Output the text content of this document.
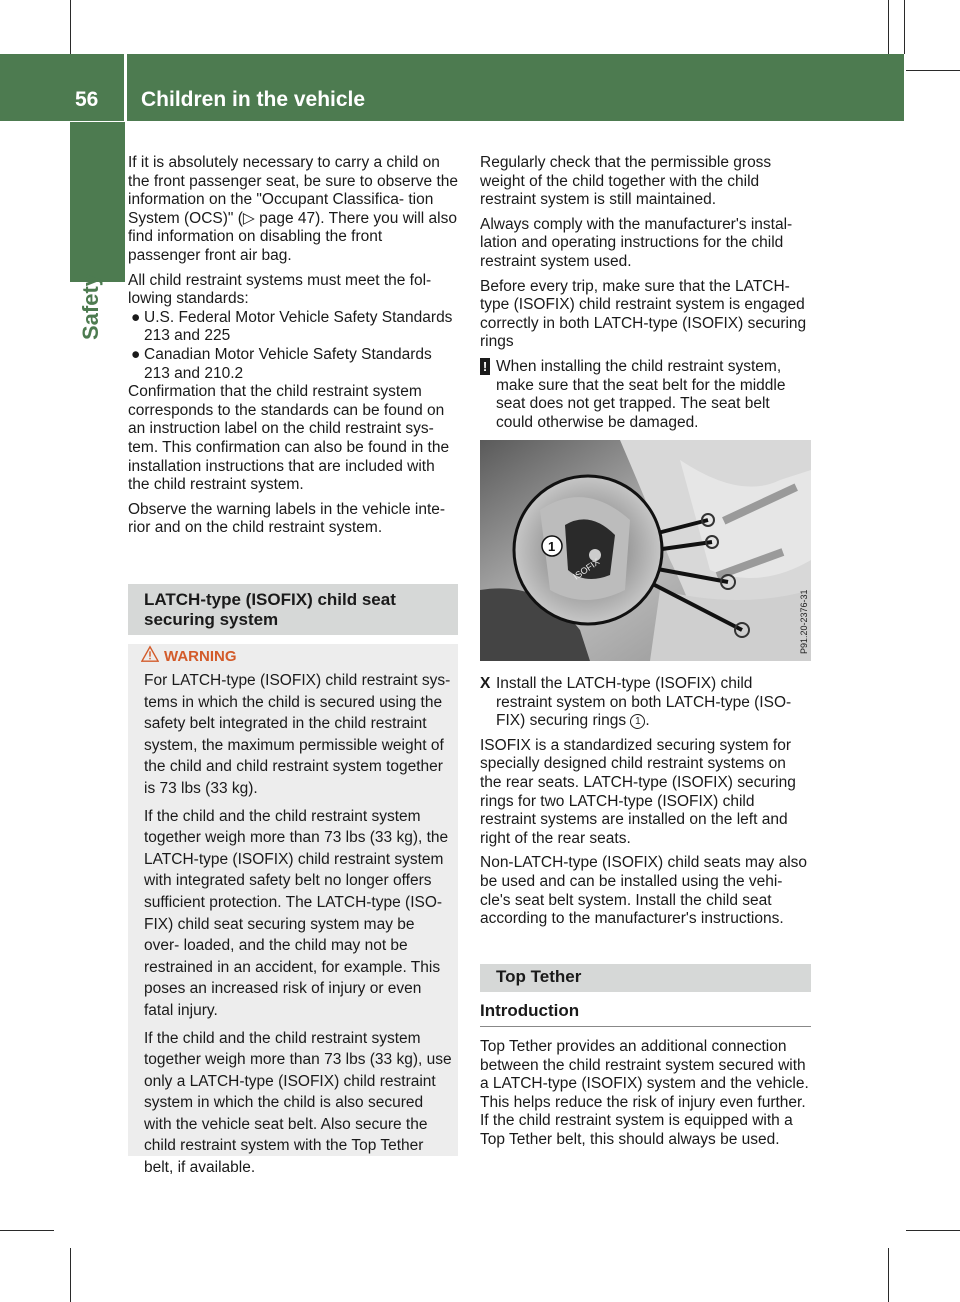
56 Children in the vehicle
Safety

If it is absolutely necessary to carry a child on the front passenger seat, be sure to observe the information on the "Occupant Classifica- tion System (OCS)" (▷ page 47). There you will also find information on disabling the front passenger front air bag.

All child restraint systems must meet the fol- lowing standards:

● U.S. Federal Motor Vehicle Safety Standards 213 and 225
● Canadian Motor Vehicle Safety Standards 213 and 210.2

Confirmation that the child restraint system corresponds to the standards can be found on an instruction label on the child restraint sys- tem. This confirmation can also be found in the installation instructions that are included with the child restraint system.

Observe the warning labels in the vehicle inte- rior and on the child restraint system.

LATCH-type (ISOFIX) child seat securing system
WARNING

For LATCH-type (ISOFIX) child restraint sys- tems in which the child is secured using the safety belt integrated in the child restraint system, the maximum permissible weight of the child and child restraint system together is 73 lbs (33 kg).

If the child and the child restraint system together weigh more than 73 lbs (33 kg), the LATCH-type (ISOFIX) child restraint system with integrated safety belt no longer offers sufficient protection. The LATCH-type (ISO- FIX) child seat securing system may be over- loaded, and the child may not be restrained in an accident, for example. This poses an increased risk of injury or even fatal injury.

If the child and the child restraint system together weigh more than 73 lbs (33 kg), use only a LATCH-type (ISOFIX) child restraint system in which the child is also secured with the vehicle seat belt. Also secure the child restraint system with the Top Tether belt, if available.

Regularly check that the permissible gross weight of the child together with the child restraint system is still maintained.

Always comply with the manufacturer's instal- lation and operating instructions for the child restraint system used.

Before every trip, make sure that the LATCH- type (ISOFIX) child restraint system is engaged correctly in both LATCH-type (ISOFIX) securing rings

! When installing the child restraint system, make sure that the seat belt for the middle seat does not get trapped. The seat belt could otherwise be damaged.
ISOFIX
1
P91.20-2376-31
X Install the LATCH-type (ISOFIX) child restraint system on both LATCH-type (ISO- FIX) securing rings 1 .

ISOFIX is a standardized securing system for specially designed child restraint systems on the rear seats. LATCH-type (ISOFIX) securing rings for two LATCH-type (ISOFIX) child restraint systems are installed on the left and right of the rear seats.

Non-LATCH-type (ISOFIX) child seats may also be used and can be installed using the vehi- cle's seat belt system. Install the child seat according to the manufacturer's instructions.

Top Tether
Introduction

Top Tether provides an additional connection between the child restraint system secured with a LATCH-type (ISOFIX) system and the vehicle. This helps reduce the risk of injury even further. If the child restraint system is equipped with a Top Tether belt, this should always be used.
